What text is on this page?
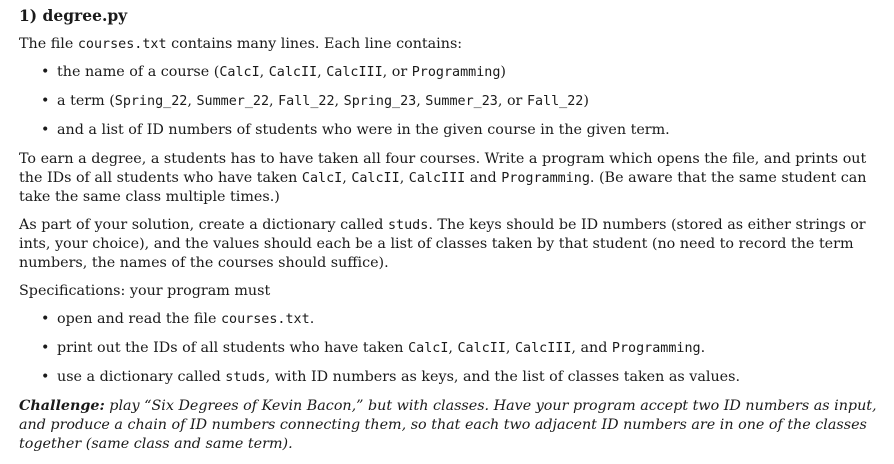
1) degree.py

The file courses.txt contains many lines. Each line contains:

• the name of a course (CalcI, CalcII, CalcIII, or Programming)
• a term (Spring_22, Summer_22, Fall_22, Spring_23, Summer_23, or Fall_22)
• and a list of ID numbers of students who were in the given course in the given term.

To earn a degree, a students has to have taken all four courses. Write a program which opens the file, and prints out the IDs of all students who have taken CalcI, CalcII, CalcIII and Programming. (Be aware that the same student can take the same class multiple times.)

As part of your solution, create a dictionary called studs. The keys should be ID numbers (stored as either strings or ints, your choice), and the values should each be a list of classes taken by that student (no need to record the term numbers, the names of the courses should suffice).

Specifications: your program must

• open and read the file courses.txt.
• print out the IDs of all students who have taken CalcI, CalcII, CalcIII, and Programming.
• use a dictionary called studs, with ID numbers as keys, and the list of classes taken as values.

Challenge: play “Six Degrees of Kevin Bacon,” but with classes. Have your program accept two ID numbers as input, and produce a chain of ID numbers connecting them, so that each two adjacent ID numbers are in one of the classes together (same class and same term).
